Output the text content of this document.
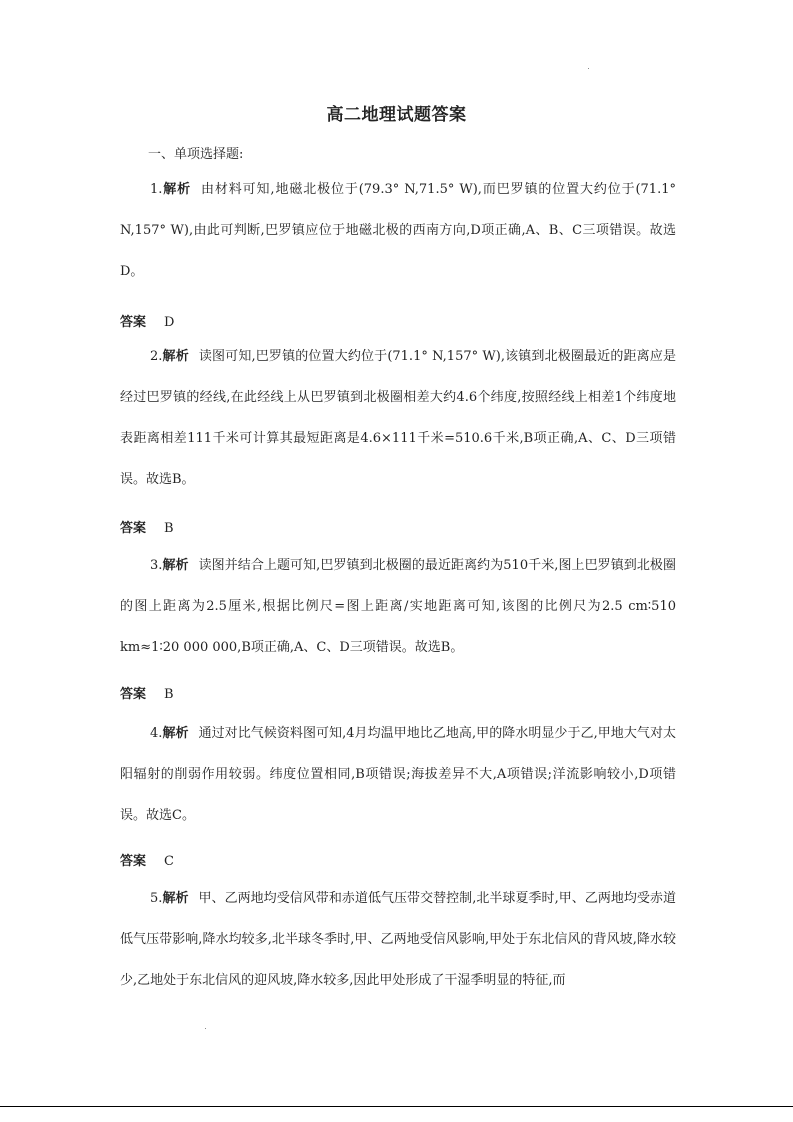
高二地理试题答案
一、单项选择题:
1.解析 由材料可知,地磁北极位于(79.3° N,71.5° W),而巴罗镇的位置大约位于(71.1° N,157° W),由此可判断,巴罗镇应位于地磁北极的西南方向,D项正确,A、B、C三项错误。故选D。
答案 D
2.解析 读图可知,巴罗镇的位置大约位于(71.1° N,157° W),该镇到北极圈最近的距离应是经过巴罗镇的经线,在此经线上从巴罗镇到北极圈相差大约4.6个纬度,按照经线上相差1个纬度地表距离相差111千米可计算其最短距离是4.6×111千米=510.6千米,B项正确,A、C、D三项错误。故选B。
答案 B
3.解析 读图并结合上题可知,巴罗镇到北极圈的最近距离约为510千米,图上巴罗镇到北极圈的图上距离为2.5厘米,根据比例尺=图上距离/实地距离可知,该图的比例尺为2.5 cm∶510 km≈1∶20 000 000,B项正确,A、C、D三项错误。故选B。
答案 B
4.解析 通过对比气候资料图可知,4月均温甲地比乙地高,甲的降水明显少于乙,甲地大气对太阳辐射的削弱作用较弱。纬度位置相同,B项错误;海拔差异不大,A项错误;洋流影响较小,D项错误。故选C。
答案 C
5.解析 甲、乙两地均受信风带和赤道低气压带交替控制,北半球夏季时,甲、乙两地均受赤道低气压带影响,降水均较多,北半球冬季时,甲、乙两地受信风影响,甲处于东北信风的背风坡,降水较少,乙地处于东北信风的迎风坡,降水较多,因此甲处形成了干湿季明显的特征,而
